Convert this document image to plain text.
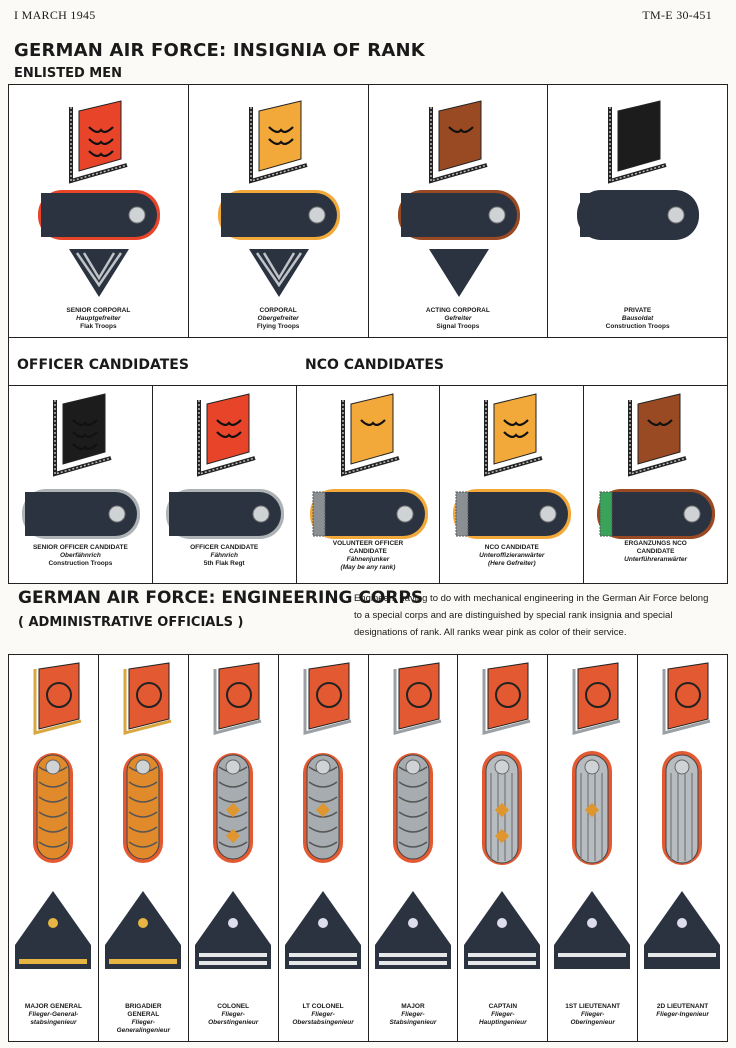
I MARCH 1945	TM-E 30-451
GERMAN AIR FORCE: INSIGNIA OF RANK
ENLISTED MEN
SENIOR CORPORAL
Hauptgefreiter
Flak Troops
CORPORAL
Obergefreiter
Flying Troops
ACTING CORPORAL
Gefreiter
Signal Troops
PRIVATE
Bausoldat
Construction Troops
OFFICER CANDIDATES	NCO CANDIDATES
SENIOR OFFICER CANDIDATE
Oberfähnrich
Construction Troops
OFFICER CANDIDATE
Fähnrich
5th Flak Regt
VOLUNTEER OFFICER
CANDIDATE
Fähnenjunker
(May be any rank)
NCO CANDIDATE
Unteroffizieranwärter
(Here Gefreiter)
ERGANZUNGS NCO
CANDIDATE
Unterführeranwärter
GERMAN AIR FORCE: ENGINEERING CORPS
( ADMINISTRATIVE OFFICIALS )
Engineers having to do with mechanical engineering in the German Air Force belong to a special corps and are distinguished by special rank insignia and special designations of rank. All ranks wear pink as color of their service.
MAJOR GENERAL
Flieger-General-
stabsingenieur
BRIGADIER
GENERAL
Flieger-
Generalingenieur
COLONEL
Flieger-
Oberstingenieur
LT COLONEL
Flieger-
Oberstabsingenieur
MAJOR
Flieger-
Stabsingenieur
CAPTAIN
Flieger-
Hauptingenieur
1ST LIEUTENANT
Flieger-
Oberingenieur
2D LIEUTENANT
Flieger-Ingenieur
